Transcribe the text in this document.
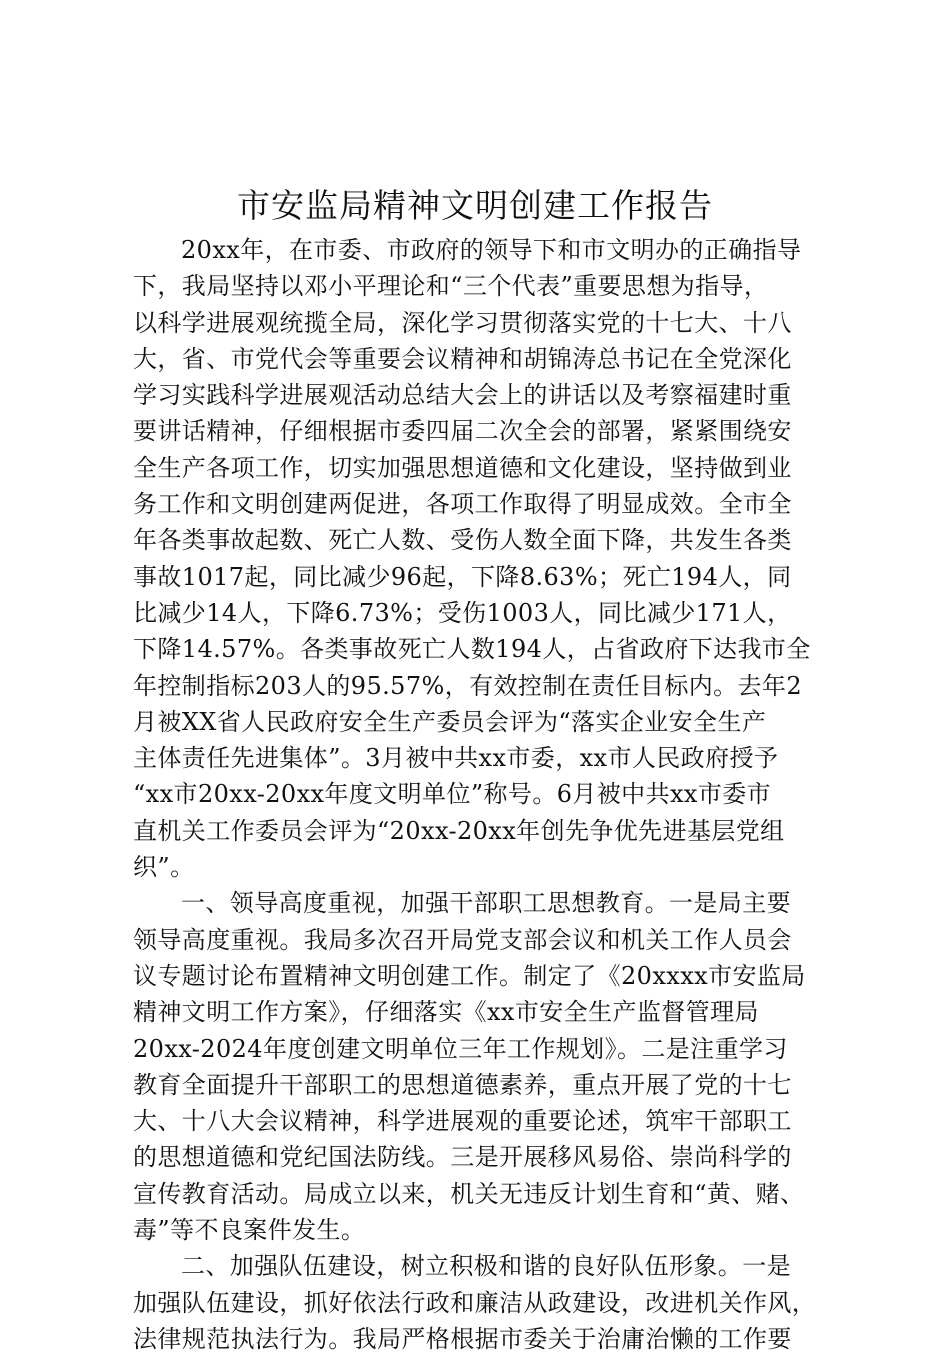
市安监局精神文明创建工作报告
20xx年，在市委、市政府的领导下和市文明办的正确指导
下，我局坚持以邓小平理论和“三个代表”重要思想为指导，
以科学进展观统揽全局，深化学习贯彻落实党的十七大、十八
大，省、市党代会等重要会议精神和胡锦涛总书记在全党深化
学习实践科学进展观活动总结大会上的讲话以及考察福建时重
要讲话精神，仔细根据市委四届二次全会的部署，紧紧围绕安
全生产各项工作，切实加强思想道德和文化建设，坚持做到业
务工作和文明创建两促进，各项工作取得了明显成效。全市全
年各类事故起数、死亡人数、受伤人数全面下降，共发生各类
事故1017起，同比减少96起，下降8.63%；死亡194人，同
比减少14人，下降6.73%；受伤1003人，同比减少171人，
下降14.57%。各类事故死亡人数194人，占省政府下达我市全
年控制指标203人的95.57%，有效控制在责任目标内。去年2
月被XX省人民政府安全生产委员会评为“落实企业安全生产
主体责任先进集体”。3月被中共xx市委，xx市人民政府授予
“xx市20xx-20xx年度文明单位”称号。6月被中共xx市委市
直机关工作委员会评为“20xx-20xx年创先争优先进基层党组
织”。
一、领导高度重视，加强干部职工思想教育。一是局主要
领导高度重视。我局多次召开局党支部会议和机关工作人员会
议专题讨论布置精神文明创建工作。制定了《20xxxx市安监局
精神文明工作方案》，仔细落实《xx市安全生产监督管理局
20xx-2024年度创建文明单位三年工作规划》。二是注重学习
教育全面提升干部职工的思想道德素养，重点开展了党的十七
大、十八大会议精神，科学进展观的重要论述，筑牢干部职工
的思想道德和党纪国法防线。三是开展移风易俗、崇尚科学的
宣传教育活动。局成立以来，机关无违反计划生育和“黄、赌、
毒”等不良案件发生。
二、加强队伍建设，树立积极和谐的良好队伍形象。一是
加强队伍建设，抓好依法行政和廉洁从政建设，改进机关作风，
法律规范执法行为。我局严格根据市委关于治庸治懒的工作要
